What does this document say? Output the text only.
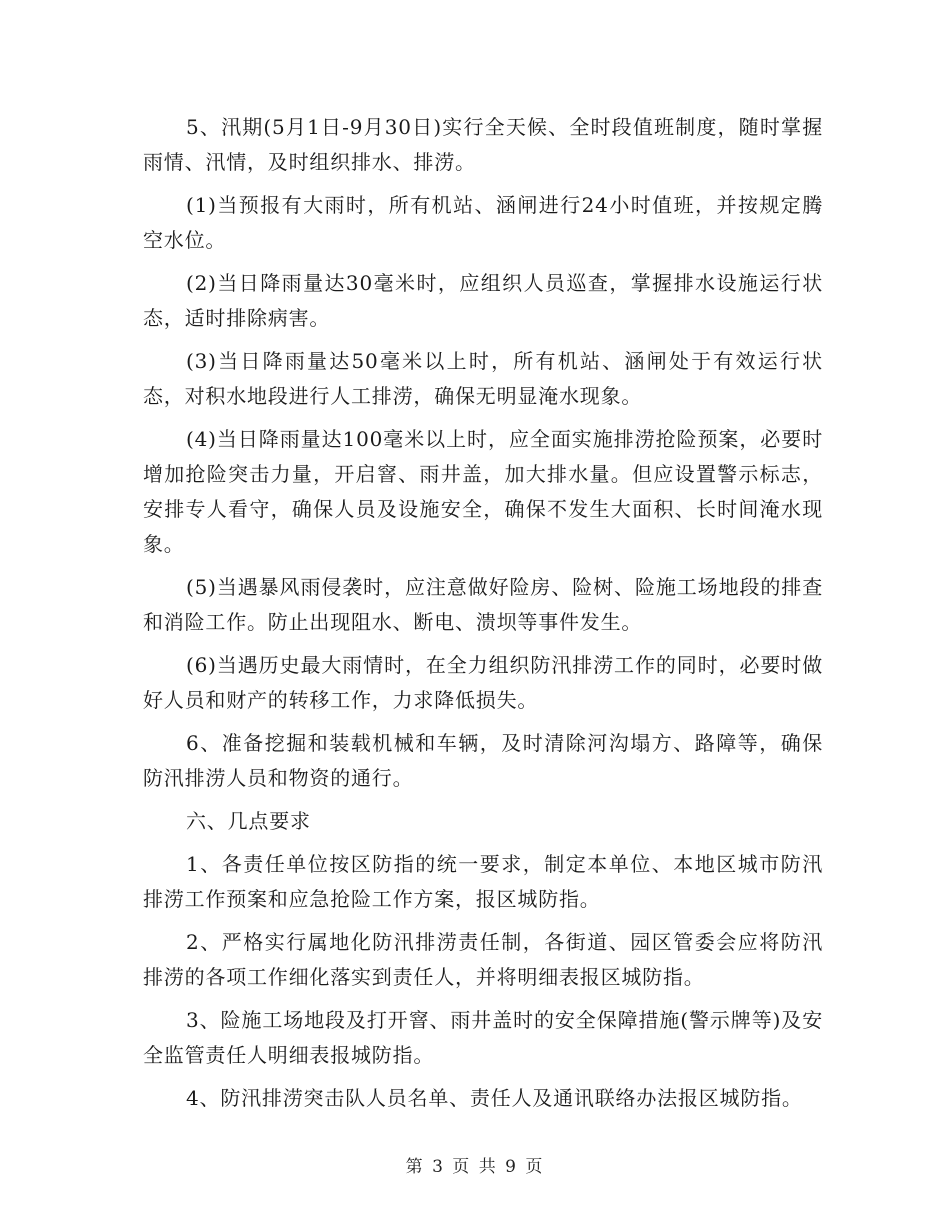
5、汛期(5月1日-9月30日)实行全天候、全时段值班制度，随时掌握雨情、汛情，及时组织排水、排涝。

(1)当预报有大雨时，所有机站、涵闸进行24小时值班，并按规定腾空水位。

(2)当日降雨量达30毫米时，应组织人员巡查，掌握排水设施运行状态，适时排除病害。

(3)当日降雨量达50毫米以上时，所有机站、涵闸处于有效运行状态，对积水地段进行人工排涝，确保无明显淹水现象。

(4)当日降雨量达100毫米以上时，应全面实施排涝抢险预案，必要时增加抢险突击力量，开启窨、雨井盖，加大排水量。但应设置警示标志，安排专人看守，确保人员及设施安全，确保不发生大面积、长时间淹水现象。

(5)当遇暴风雨侵袭时，应注意做好险房、险树、险施工场地段的排查和消险工作。防止出现阻水、断电、溃坝等事件发生。

(6)当遇历史最大雨情时，在全力组织防汛排涝工作的同时，必要时做好人员和财产的转移工作，力求降低损失。

6、准备挖掘和装载机械和车辆，及时清除河沟塌方、路障等，确保防汛排涝人员和物资的通行。

六、几点要求

1、各责任单位按区防指的统一要求，制定本单位、本地区城市防汛排涝工作预案和应急抢险工作方案，报区城防指。

2、严格实行属地化防汛排涝责任制，各街道、园区管委会应将防汛排涝的各项工作细化落实到责任人，并将明细表报区城防指。

3、险施工场地段及打开窨、雨井盖时的安全保障措施(警示牌等)及安全监管责任人明细表报城防指。

4、防汛排涝突击队人员名单、责任人及通讯联络办法报区城防指。

第 3 页 共 9 页
